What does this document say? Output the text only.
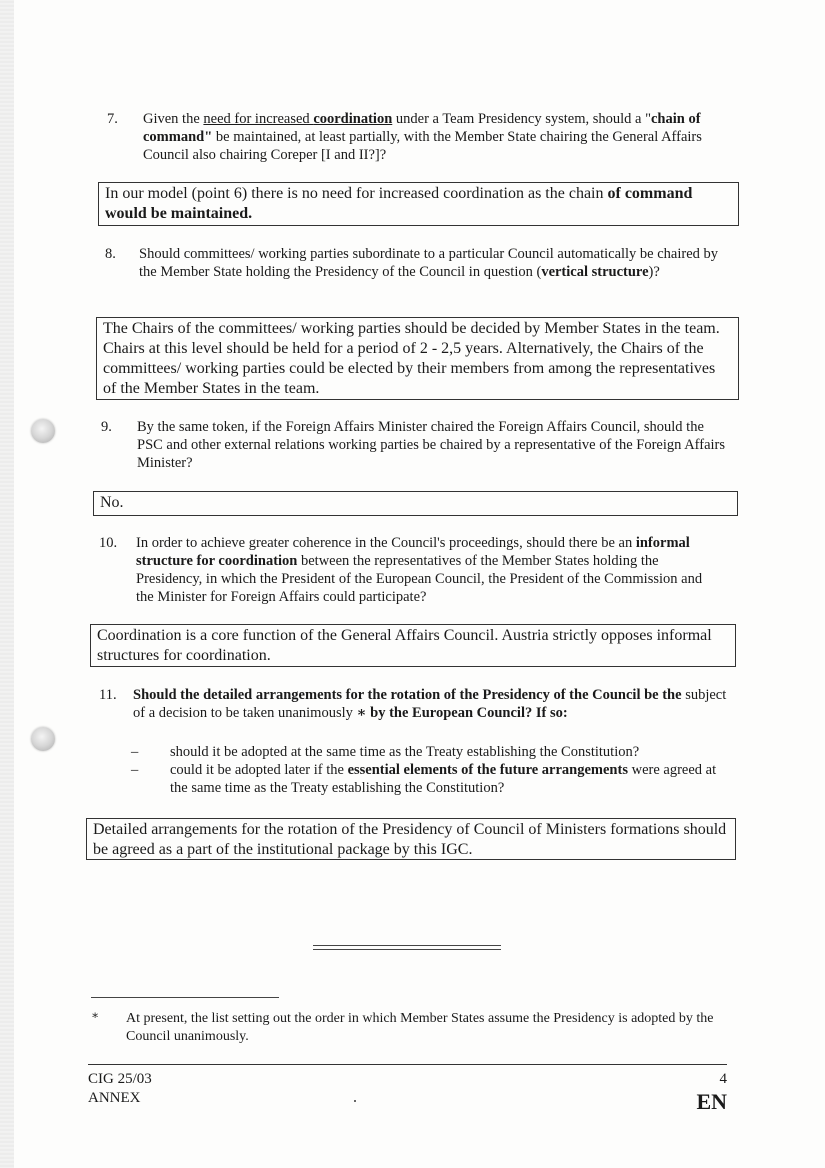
7. Given the need for increased coordination under a Team Presidency system, should a "chain of command" be maintained, at least partially, with the Member State chairing the General Affairs Council also chairing Coreper [I and II?]?
In our model (point 6) there is no need for increased coordination as the chain of command would be maintained.
8. Should committees/ working parties subordinate to a particular Council automatically be chaired by the Member State holding the Presidency of the Council in question (vertical structure)?
The Chairs of the committees/ working parties should be decided by Member States in the team. Chairs at this level should be held for a period of 2 - 2,5 years. Alternatively, the Chairs of the committees/ working parties could be elected by their members from among the representatives of the Member States in the team.
9. By the same token, if the Foreign Affairs Minister chaired the Foreign Affairs Council, should the PSC and other external relations working parties be chaired by a representative of the Foreign Affairs Minister?
No.
10. In order to achieve greater coherence in the Council's proceedings, should there be an informal structure for coordination between the representatives of the Member States holding the Presidency, in which the President of the European Council, the President of the Commission and the Minister for Foreign Affairs could participate?
Coordination is a core function of the General Affairs Council. Austria strictly opposes informal structures for coordination.
11. Should the detailed arrangements for the rotation of the Presidency of the Council be the subject of a decision to be taken unanimously ∗ by the European Council? If so:
– should it be adopted at the same time as the Treaty establishing the Constitution?
– could it be adopted later if the essential elements of the future arrangements were agreed at the same time as the Treaty establishing the Constitution?
Detailed arrangements for the rotation of the Presidency of Council of Ministers formations should be agreed as a part of the institutional package by this IGC.
∗ At present, the list setting out the order in which Member States assume the Presidency is adopted by the Council unanimously.
CIG 25/03
ANNEX
4
EN
